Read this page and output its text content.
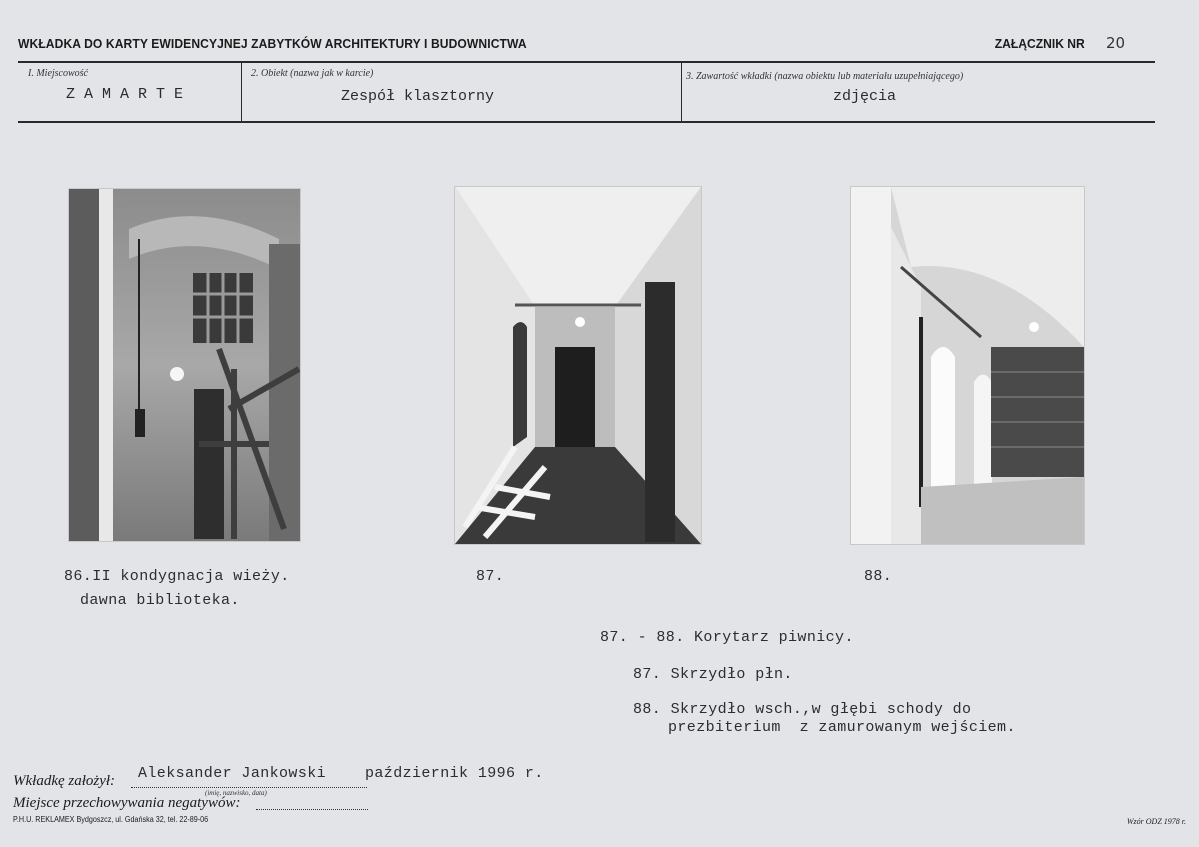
WKŁADKA DO KARTY EWIDENCYJNEJ ZABYTKÓW ARCHITEKTURY I BUDOWNICTWA	ZAŁĄCZNIK NR 20
I. Miejscowość
ZAMARTE
2. Obiekt (nazwa jak w karcie)
Zespół klasztorny
3. Zawartość wkładki (nazwa obiektu lub materiału uzupełniającego)
zdjęcia
86.II kondygnacja wieży.
dawna biblioteka.
87.	88.
87. - 88. Korytarz piwnicy.
87. Skrzydło płn.
88. Skrzydło wsch.,w głębi schody do
prezbiterium  z zamurowanym wejściem.
Wkładkę założył: Aleksander Jankowski	październik 1996 r.
(imię, nazwisko, data)
Miejsce przechowywania negatywów:
P.H.U. REKLAMEX Bydgoszcz, ul. Gdańska 32, tel. 22-89-06	Wzór ODZ 1978 r.
